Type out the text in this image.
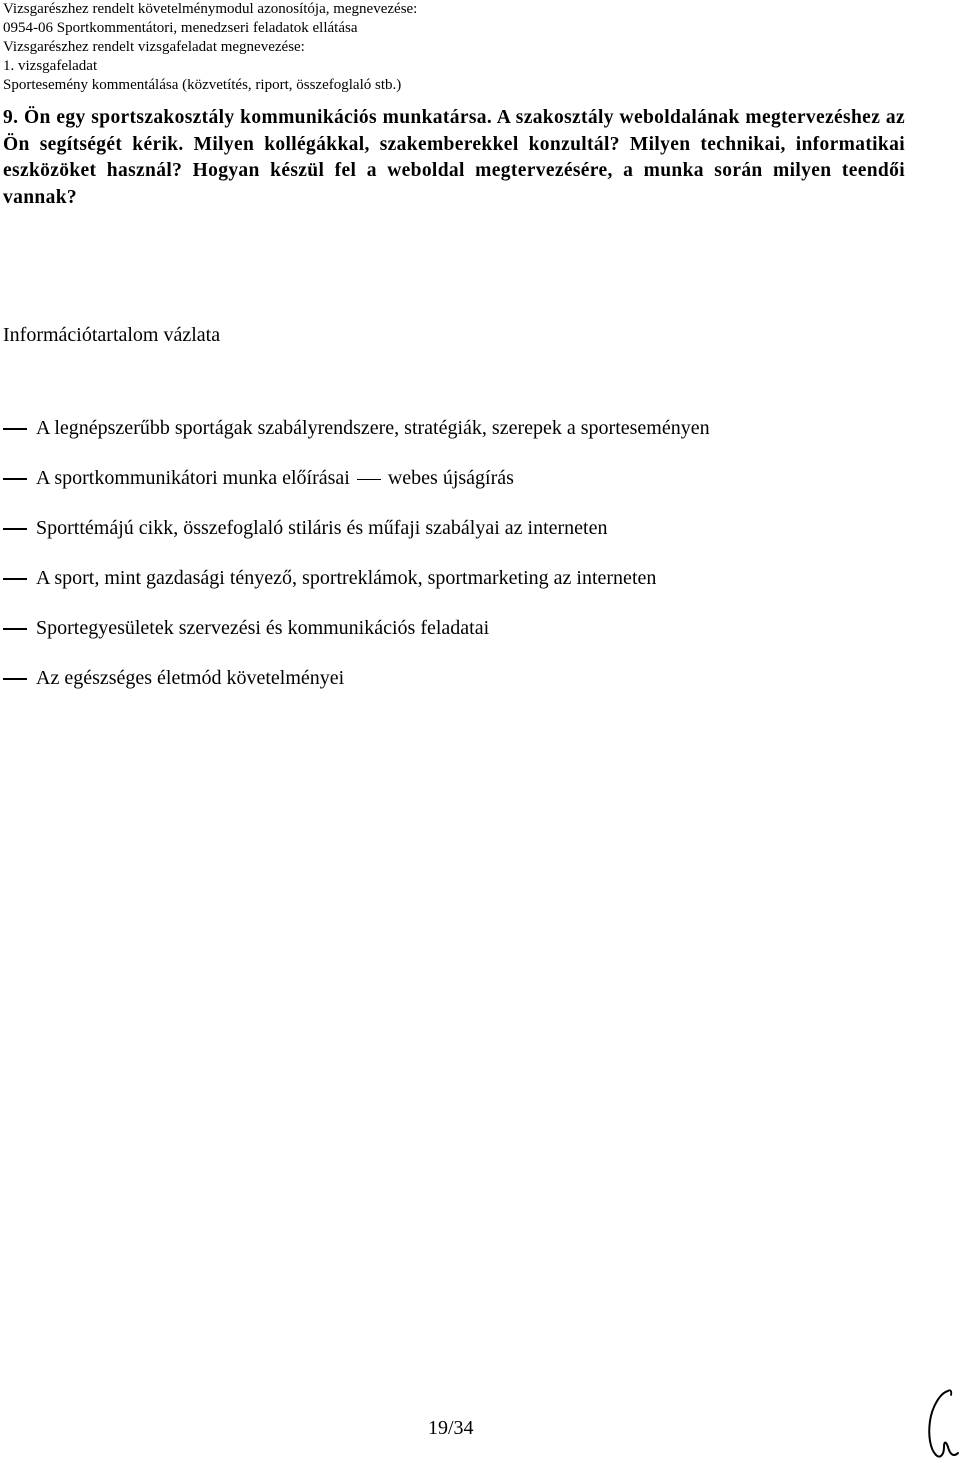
Vizsgarészhez rendelt követelménymodul azonosítója, megnevezése:
0954-06 Sportkommentátori, menedzseri feladatok ellátása
Vizsgarészhez rendelt vizsgafeladat megnevezése:
1. vizsgafeladat
Sportesemény kommentálása (közvetítés, riport, összefoglaló stb.)
9. Ön egy sportszakosztály kommunikációs munkatársa. A szakosztály weboldalának megtervezéshez az Ön segítségét kérik. Milyen kollégákkal, szakemberekkel konzultál? Milyen technikai, informatikai eszközöket használ? Hogyan készül fel a weboldal megtervezésére, a munka során milyen teendői vannak?
Információtartalom vázlata
A legnépszerűbb sportágak szabályrendszere, stratégiák, szerepek a sporteseményen
A sportkommunikátori munka előírásai  webes újságírás
Sporttémájú cikk, összefoglaló stiláris és műfaji szabályai az interneten
A sport, mint gazdasági tényező, sportreklámok, sportmarketing az interneten
Sportegyesületek szervezési és kommunikációs feladatai
Az egészséges életmód követelményei
19/34
